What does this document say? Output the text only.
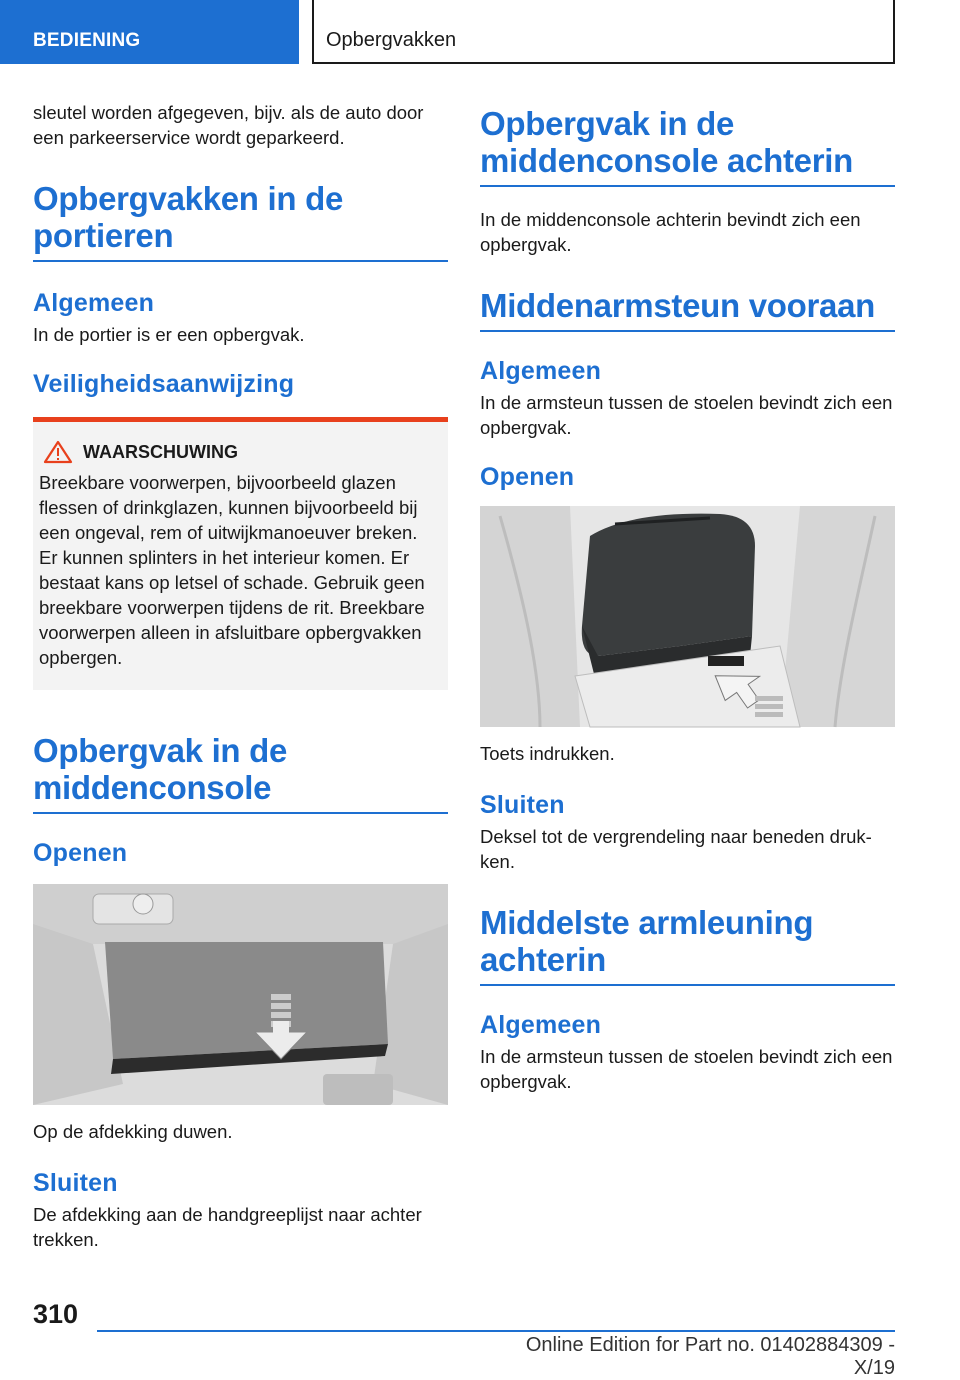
BEDIENING	Opbergvakken

sleutel worden afgegeven, bijv. als de auto door een parkeerservice wordt geparkeerd.

Opbergvakken in de portieren
Algemeen

In de portier is er een opbergvak.

Veiligheidsaanwijzing
WAARSCHUWING

Breekbare voorwerpen, bijvoorbeeld glazen flessen of drinkglazen, kunnen bijvoorbeeld bij een ongeval, rem of uitwijkmanoeuver breken. Er kunnen splinters in het interieur komen. Er bestaat kans op letsel of schade. Gebruik geen breekbare voorwerpen tijdens de rit. Breekbare voorwerpen alleen in afsluitbare opbergvakken opbergen.

Opbergvak in de middenconsole
Openen

Op de afdekking duwen.

Sluiten

De afdekking aan de handgreeplijst naar achter trekken.

Opbergvak in de middenconsole achterin

In de middenconsole achterin bevindt zich een opbergvak.

Middenarmsteun vooraan
Algemeen

In de armsteun tussen de stoelen bevindt zich een opbergvak.

Openen

Toets indrukken.

Sluiten

Deksel tot de vergrendeling naar beneden druk-ken.

Middelste armleuning achterin
Algemeen

In de armsteun tussen de stoelen bevindt zich een opbergvak.

310
Online Edition for Part no. 01402884309 - X/19
